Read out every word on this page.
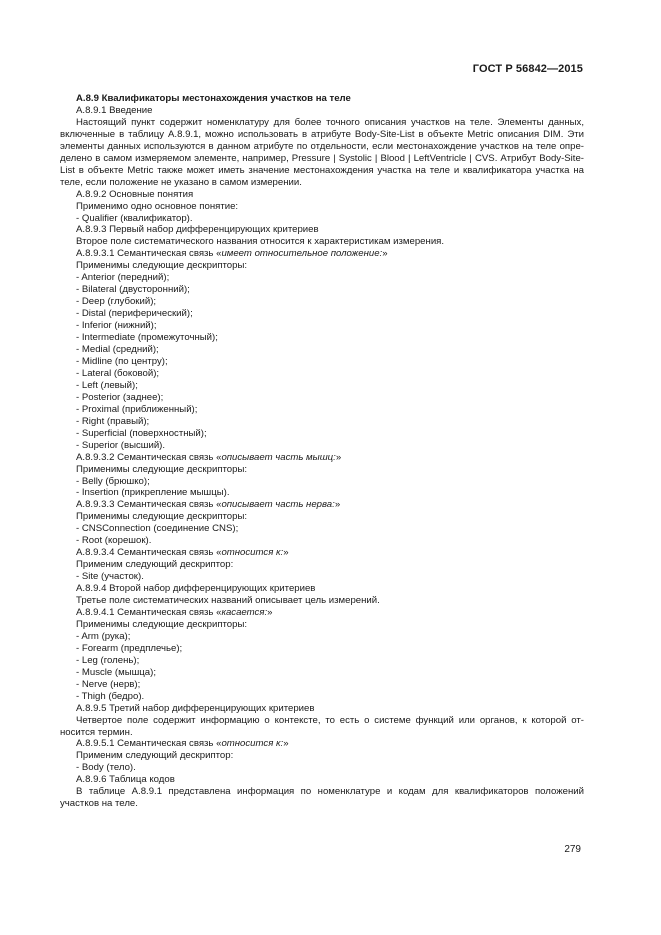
ГОСТ Р 56842—2015
А.8.9 Квалификаторы местонахождения участков на теле
А.8.9.1 Введение
Настоящий пункт содержит номенклатуру для более точного описания участков на теле. Элементы данных,
включенные в таблицу А.8.9.1, можно использовать в атрибуте Body-Site-List в объекте Metric описания DIM. Эти
элементы данных используются в данном атрибуте по отдельности, если местонахождение участков на теле опре-
делено в самом измеряемом элементе, например, Pressure | Systolic | Blood | LeftVentricle | CVS. Атрибут Body-Site-
List в объекте Metric также может иметь значение местонахождения участка на теле и квалификатора участка на
теле, если положение не указано в самом измерении.
А.8.9.2 Основные понятия
Применимо одно основное понятие:
- Qualifier (квалификатор).
А.8.9.3 Первый набор дифференцирующих критериев
Второе поле систематического названия относится к характеристикам измерения.
А.8.9.3.1 Семантическая связь «имеет относительное положение:»
Применимы следующие дескрипторы:
- Anterior (передний);
- Bilateral (двусторонний);
- Deep (глубокий);
- Distal (периферический);
- Inferior (нижний);
- Intermediate (промежуточный);
- Medial (средний);
- Midline (по центру);
- Lateral (боковой);
- Left (левый);
- Posterior (заднее);
- Proximal (приближенный);
- Right (правый);
- Superficial (поверхностный);
- Superior (высший).
А.8.9.3.2 Семантическая связь «описывает часть мышц:»
Применимы следующие дескрипторы:
- Belly (брюшко);
- Insertion (прикрепление мышцы).
А.8.9.3.3 Семантическая связь «описывает часть нерва:»
Применимы следующие дескрипторы:
- CNSConnection (соединение CNS);
- Root (корешок).
А.8.9.3.4 Семантическая связь «относится к:»
Применим следующий дескриптор:
- Site (участок).
А.8.9.4 Второй набор дифференцирующих критериев
Третье поле систематических названий описывает цель измерений.
А.8.9.4.1 Семантическая связь «касается:»
Применимы следующие дескрипторы:
- Arm (рука);
- Forearm (предплечье);
- Leg (голень);
- Muscle (мышца);
- Nerve (нерв);
- Thigh (бедро).
А.8.9.5 Третий набор дифференцирующих критериев
Четвертое поле содержит информацию о контексте, то есть о системе функций или органов, к которой от-
носится термин.
А.8.9.5.1 Семантическая связь «относится к:»
Применим следующий дескриптор:
- Body (тело).
А.8.9.6 Таблица кодов
В таблице А.8.9.1 представлена информация по номенклатуре и кодам для квалификаторов положений
участков на теле.
279
